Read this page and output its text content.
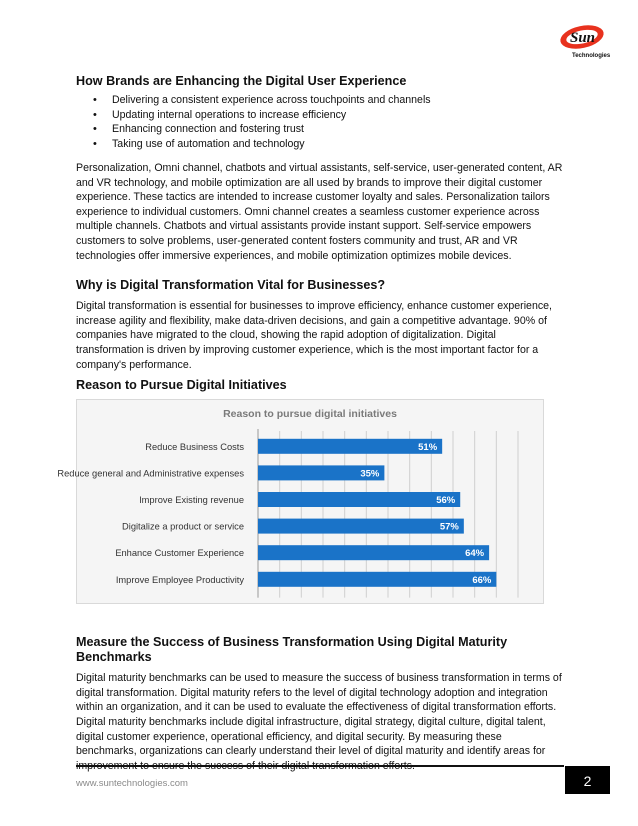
Sun
Technologies
How Brands are Enhancing the Digital User Experience
• Delivering a consistent experience across touchpoints and channels
• Updating internal operations to increase efficiency
• Enhancing connection and fostering trust
• Taking use of automation and technology

Personalization, Omni channel, chatbots and virtual assistants, self-service, user-generated content, AR and VR technology, and mobile optimization are all used by brands to improve their digital customer experience. These tactics are intended to increase customer loyalty and sales. Personalization tailors experience to individual customers. Omni channel creates a seamless customer experience across multiple channels. Chatbots and virtual assistants provide instant support. Self-service empowers customers to solve problems, user-generated content fosters community and trust, AR and VR technologies offer immersive experiences, and mobile optimization optimizes mobile devices.

Why is Digital Transformation Vital for Businesses?

Digital transformation is essential for businesses to improve efficiency, enhance customer experience, increase agility and flexibility, make data-driven decisions, and gain a competitive advantage. 90% of companies have migrated to the cloud, showing the rapid adoption of digitalization. Digital transformation is driven by improving customer experience, which is the most important factor for a company's performance.

Reason to Pursue Digital Initiatives
Reason to pursue digital initiatives
Reduce Business Costs	51%
Reduce general and Administrative expenses	35%
Improve Existing revenue	56%
Digitalize a product or service	57%
Enhance Customer Experience	64%
Improve Employee Productivity	66%
Measure the Success of Business Transformation Using Digital Maturity Benchmarks

Digital maturity benchmarks can be used to measure the success of business transformation in terms of digital transformation. Digital maturity refers to the level of digital technology adoption and integration within an organization, and it can be used to evaluate the effectiveness of digital transformation efforts. Digital maturity benchmarks include digital infrastructure, digital strategy, digital culture, digital talent, digital customer experience, operational efficiency, and digital security. By measuring these benchmarks, organizations can clearly understand their level of digital maturity and identify areas for

www.suntechnologies.com	2
